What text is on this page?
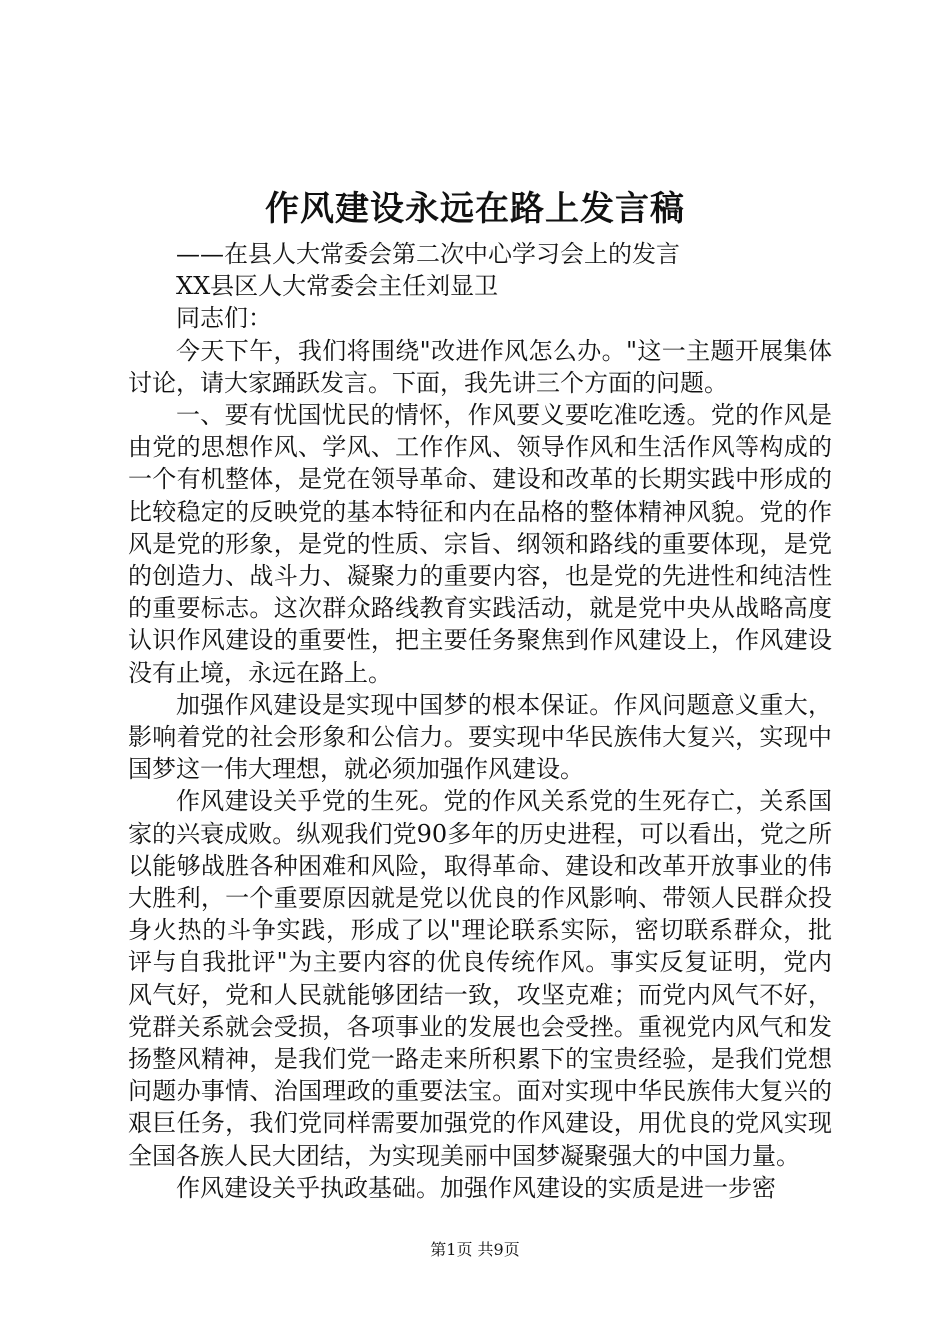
作风建设永远在路上发言稿

——在县人大常委会第二次中心学习会上的发言

XX县区人大常委会主任刘显卫

同志们：

今天下午，我们将围绕"改进作风怎么办。"这一主题开展集体讨论，请大家踊跃发言。下面，我先讲三个方面的问题。

一、要有忧国忧民的情怀，作风要义要吃准吃透。党的作风是由党的思想作风、学风、工作作风、领导作风和生活作风等构成的一个有机整体，是党在领导革命、建设和改革的长期实践中形成的比较稳定的反映党的基本特征和内在品格的整体精神风貌。党的作风是党的形象，是党的性质、宗旨、纲领和路线的重要体现，是党的创造力、战斗力、凝聚力的重要内容，也是党的先进性和纯洁性的重要标志。这次群众路线教育实践活动，就是党中央从战略高度认识作风建设的重要性，把主要任务聚焦到作风建设上，作风建设没有止境，永远在路上。

加强作风建设是实现中国梦的根本保证。作风问题意义重大，影响着党的社会形象和公信力。要实现中华民族伟大复兴，实现中国梦这一伟大理想，就必须加强作风建设。

作风建设关乎党的生死。党的作风关系党的生死存亡，关系国家的兴衰成败。纵观我们党90多年的历史进程，可以看出，党之所以能够战胜各种困难和风险，取得革命、建设和改革开放事业的伟大胜利，一个重要原因就是党以优良的作风影响、带领人民群众投身火热的斗争实践，形成了以"理论联系实际，密切联系群众，批评与自我批评"为主要内容的优良传统作风。事实反复证明，党内风气好，党和人民就能够团结一致，攻坚克难；而党内风气不好，党群关系就会受损，各项事业的发展也会受挫。重视党内风气和发扬整风精神，是我们党一路走来所积累下的宝贵经验，是我们党想问题办事情、治国理政的重要法宝。面对实现中华民族伟大复兴的艰巨任务，我们党同样需要加强党的作风建设，用优良的党风实现全国各族人民大团结，为实现美丽中国梦凝聚强大的中国力量。

作风建设关乎执政基础。加强作风建设的实质是进一步密

第1页 共9页
